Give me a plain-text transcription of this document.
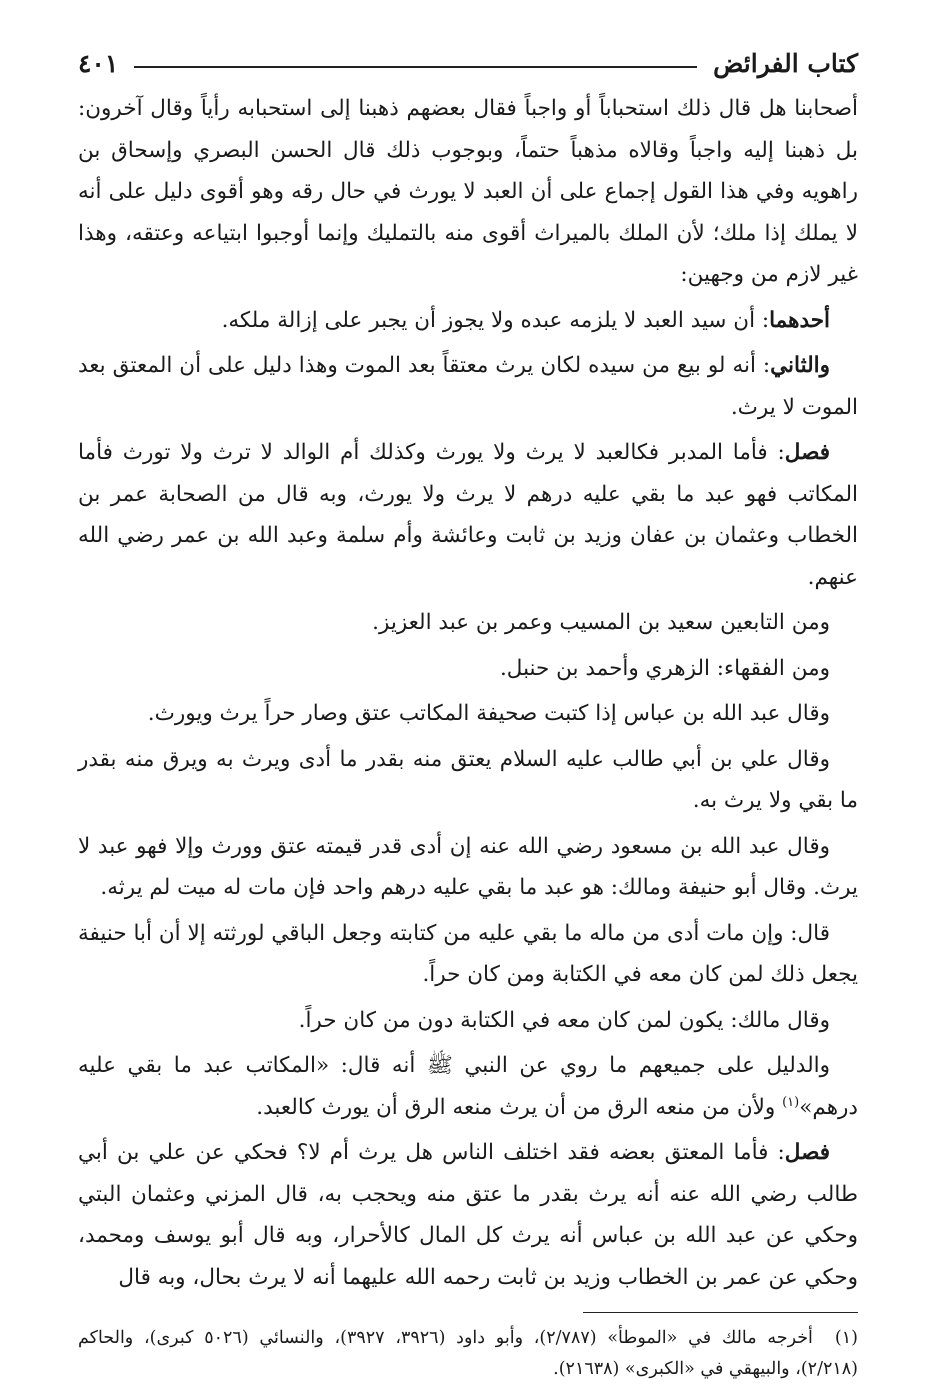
كتاب الفرائض
٤٠١

أصحابنا هل قال ذلك استحباباً أو واجباً فقال بعضهم ذهبنا إلى استحبابه رأياً وقال آخرون: بل ذهبنا إليه واجباً وقالاه مذهباً حتماً، وبوجوب ذلك قال الحسن البصري وإسحاق بن راهويه وفي هذا القول إجماع على أن العبد لا يورث في حال رقه وهو أقوى دليل على أنه لا يملك إذا ملك؛ لأن الملك بالميراث أقوى منه بالتمليك وإنما أوجبوا ابتياعه وعتقه، وهذا غير لازم من وجهين:

أحدهما: أن سيد العبد لا يلزمه عبده ولا يجوز أن يجبر على إزالة ملكه.

والثاني: أنه لو بيع من سيده لكان يرث معتقاً بعد الموت وهذا دليل على أن المعتق بعد الموت لا يرث.

فصل: فأما المدبر فكالعبد لا يرث ولا يورث وكذلك أم الوالد لا ترث ولا تورث فأما المكاتب فهو عبد ما بقي عليه درهم لا يرث ولا يورث، وبه قال من الصحابة عمر بن الخطاب وعثمان بن عفان وزيد بن ثابت وعائشة وأم سلمة وعبد الله بن عمر رضي الله عنهم.

ومن التابعين سعيد بن المسيب وعمر بن عبد العزيز.

ومن الفقهاء: الزهري وأحمد بن حنبل.

وقال عبد الله بن عباس إذا كتبت صحيفة المكاتب عتق وصار حراً يرث ويورث.

وقال علي بن أبي طالب عليه السلام يعتق منه بقدر ما أدى ويرث به ويرق منه بقدر ما بقي ولا يرث به.

وقال عبد الله بن مسعود رضي الله عنه إن أدى قدر قيمته عتق وورث وإلا فهو عبد لا يرث. وقال أبو حنيفة ومالك: هو عبد ما بقي عليه درهم واحد فإن مات له ميت لم يرثه.

قال: وإن مات أدى من ماله ما بقي عليه من كتابته وجعل الباقي لورثته إلا أن أبا حنيفة يجعل ذلك لمن كان معه في الكتابة ومن كان حراً.

وقال مالك: يكون لمن كان معه في الكتابة دون من كان حراً.

والدليل على جميعهم ما روي عن النبي ﷺ أنه قال: «المكاتب عبد ما بقي عليه درهم»$^{(١)}$ ولأن من منعه الرق من أن يرث منعه الرق أن يورث كالعبد.

فصل: فأما المعتق بعضه فقد اختلف الناس هل يرث أم لا؟ فحكي عن علي بن أبي طالب رضي الله عنه أنه يرث بقدر ما عتق منه ويحجب به، قال المزني وعثمان البتي وحكي عن عبد الله بن عباس أنه يرث كل المال كالأحرار، وبه قال أبو يوسف ومحمد، وحكي عن عمر بن الخطاب وزيد بن ثابت رحمه الله عليهما أنه لا يرث بحال، وبه قال

(١)أخرجه مالك في «الموطأ» (٢/٧٨٧)، وأبو داود (٣٩٢٦، ٣٩٢٧)، والنسائي (٥٠٢٦ كبرى)، والحاكم (٢/٢١٨)، والبيهقي في «الكبرى» (٢١٦٣٨).
